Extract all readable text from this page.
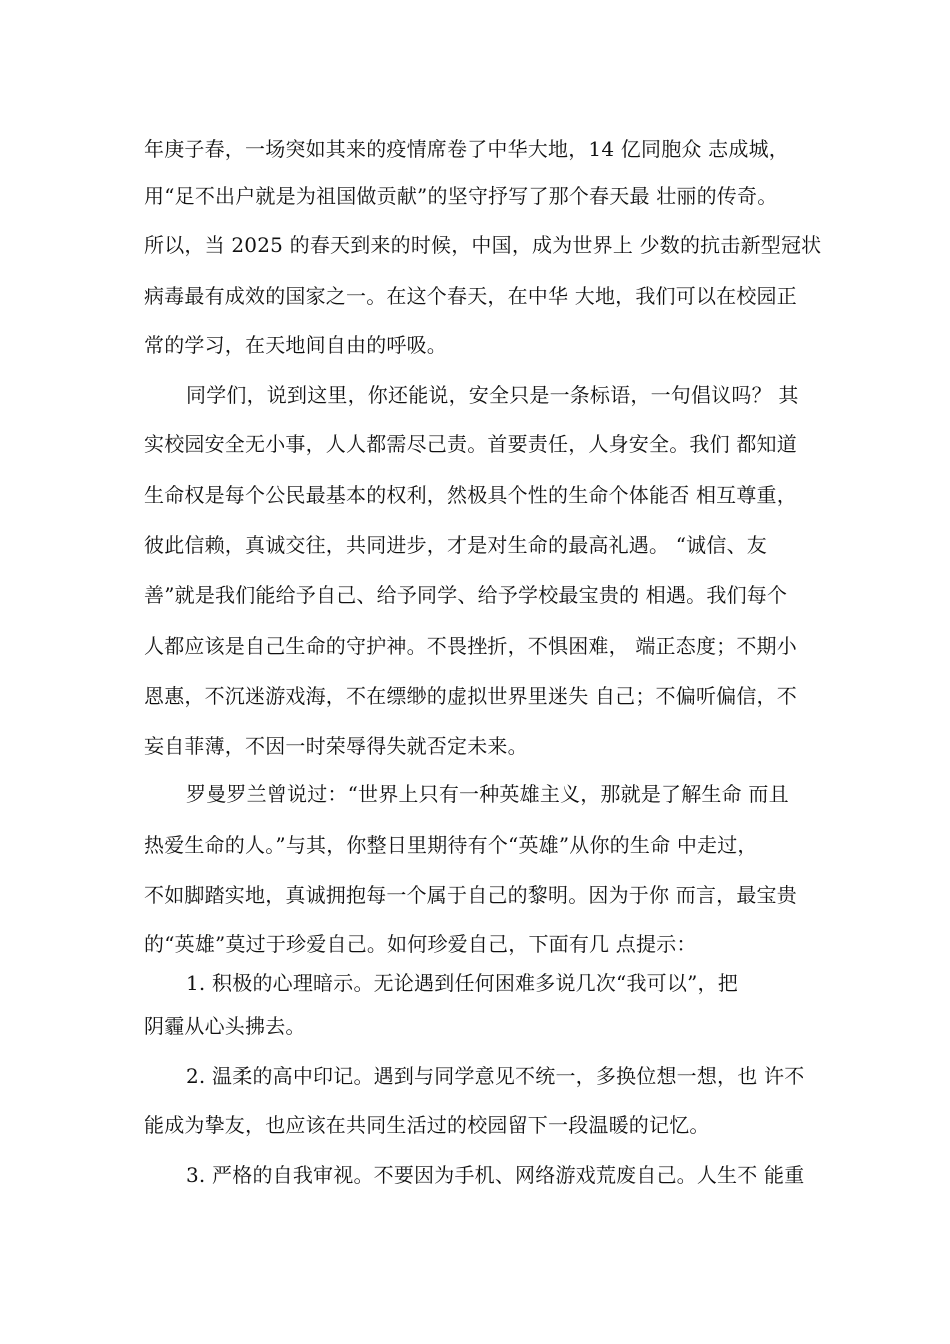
年庚子春，一场突如其来的疫情席卷了中华大地，14 亿同胞众 志成城，
用“足不出户就是为祖国做贡献”的坚守抒写了那个春天最 壮丽的传奇。
所以，当 2025 的春天到来的时候，中国，成为世界上 少数的抗击新型冠状
病毒最有成效的国家之一。在这个春天，在中华 大地，我们可以在校园正
常的学习，在天地间自由的呼吸。
同学们，说到这里，你还能说，安全只是一条标语，一句倡议吗？ 其
实校园安全无小事，人人都需尽己责。首要责任，人身安全。我们 都知道
生命权是每个公民最基本的权利，然极具个性的生命个体能否 相互尊重，
彼此信赖，真诚交往，共同进步，才是对生命的最高礼遇。 “诚信、友
善”就是我们能给予自己、给予同学、给予学校最宝贵的 相遇。我们每个
人都应该是自己生命的守护神。不畏挫折，不惧困难， 端正态度；不期小
恩惠，不沉迷游戏海，不在缥缈的虚拟世界里迷失 自己；不偏听偏信，不
妄自菲薄，不因一时荣辱得失就否定未来。
罗曼罗兰曾说过：“世界上只有一种英雄主义，那就是了解生命 而且
热爱生命的人。”与其，你整日里期待有个“英雄”从你的生命 中走过，
不如脚踏实地，真诚拥抱每一个属于自己的黎明。因为于你 而言，最宝贵
的“英雄”莫过于珍爱自己。如何珍爱自己，下面有几 点提示：
1. 积极的心理暗示。无论遇到任何困难多说几次“我可以”，把
阴霾从心头拂去。
2. 温柔的高中印记。遇到与同学意见不统一，多换位想一想，也 许不
能成为挚友，也应该在共同生活过的校园留下一段温暖的记忆。
3. 严格的自我审视。不要因为手机、网络游戏荒废自己。人生不 能重
